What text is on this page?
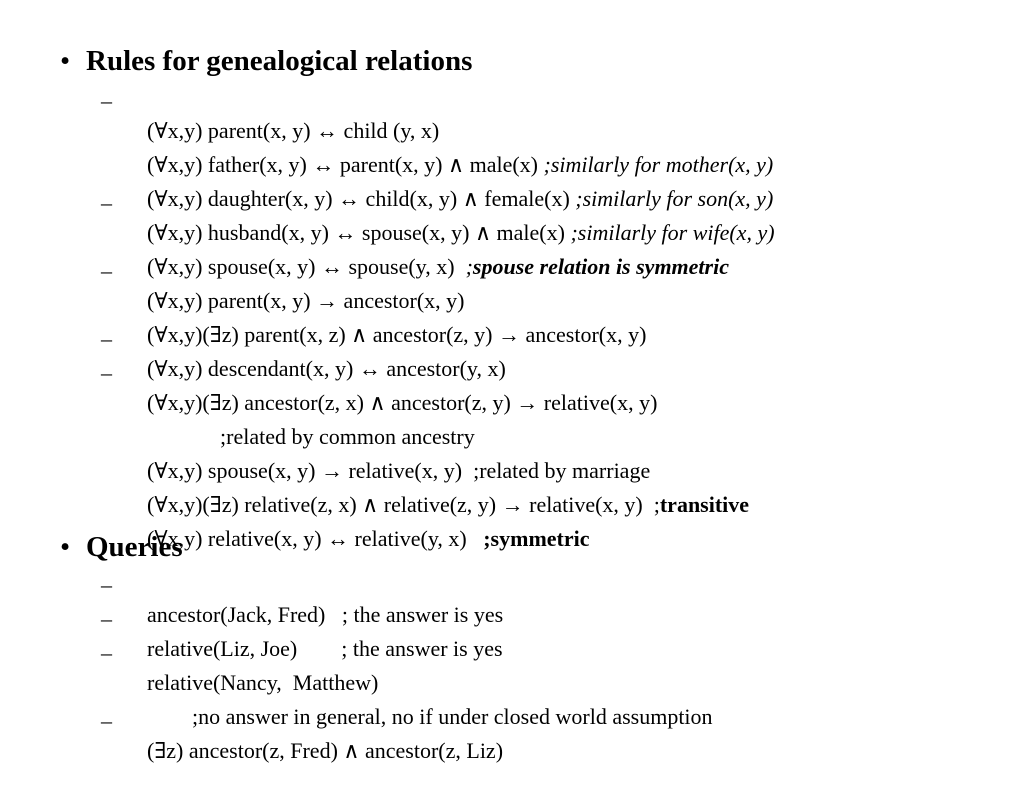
• Rules for genealogical relations
–

(∀x,y) parent(x, y) ↔ child (y, x)

(∀x,y) father(x, y) ↔ parent(x, y) ∧ male(x) ;similarly for mother(x, y)

(∀x,y) daughter(x, y) ↔ child(x, y) ∧ female(x) ;similarly for son(x, y)

–

(∀x,y) husband(x, y) ↔ spouse(x, y) ∧ male(x) ;similarly for wife(x, y)

(∀x,y) spouse(x, y) ↔ spouse(y, x)  ;spouse relation is symmetric

–

(∀x,y) parent(x, y) → ancestor(x, y)

(∀x,y)(∃z) parent(x, z) ∧ ancestor(z, y) → ancestor(x, y)

–

(∀x,y) descendant(x, y) ↔ ancestor(y, x)

–

(∀x,y)(∃z) ancestor(z, x) ∧ ancestor(z, y) → relative(x, y)

;related by common ancestry

(∀x,y) spouse(x, y) → relative(x, y)  ;related by marriage

(∀x,y)(∃z) relative(z, x) ∧ relative(z, y) → relative(x, y)  ;transitive

(∀x,y) relative(x, y) ↔ relative(y, x)   ;symmetric

• Queries
–

ancestor(Jack, Fred)   ; the answer is yes

–

relative(Liz, Joe)        ; the answer is yes

–

relative(Nancy,  Matthew)

;no answer in general, no if under closed world assumption

–

(∃z) ancestor(z, Fred) ∧ ancestor(z, Liz)
